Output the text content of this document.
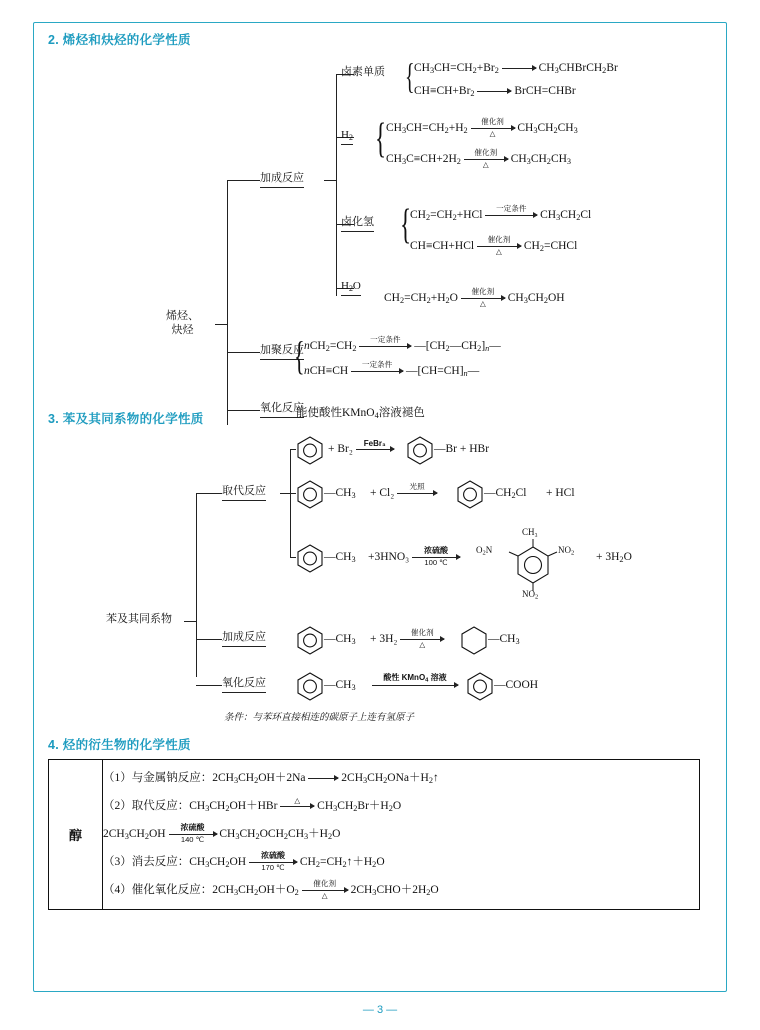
2. 烯烃和炔烃的化学性质
烯烃、
炔烃
加成反应
加聚反应
氧化反应
卤素单质
$H_2$
卤化氢
$H_2O$
{
{
{
{
$CH_3CH=CH_2+Br_2$	$CH_3CHBrCH_2Br$
$CH\equiv CH+Br_2$	BrCH=CHBr
$CH_3CH=CH_2+H_2$
催化剂
△	$CH_3CH_2CH_3$
$CH_3C\equiv CH+2H_2$
催化剂
△	$CH_3CH_2CH_3$
$CH_2=CH_2+HCl$
一定条件
$CH_3CH_2Cl$
CH≡CH+HCl
催化剂
△	$CH_2=CHCl$
$CH_2=CH_2+H_2O$
催化剂
△	$CH_3CH_2OH$
$nCH_2=CH_2$
一定条件
$―[CH_2―CH_2]_n―$
nCH≡CH
一定条件
$―[CH=CH]_n―$
能使酸性KMnO$_4$溶液褪色
3. 苯及其同系物的化学性质
苯及其同系物
取代反应
加成反应
氧化反应
+ Br₂	FeBr₃	―Br + HBr
$―CH_3 + Cl_2$
光照
$―CH_2Cl$ + HCl
$―CH_3 +3HNO_3$
浓硫酸
100 ℃
CH₃
$O_2N$	$NO_2$
$NO_2$
+ $3H_2O$
$―CH_3 + 3H_2$
催化剂
△	$―CH_3$
$―CH_3$
酸性 KMnO$_4$ 溶液
―COOH
条件：与苯环直接相连的碳原子上连有氢原子
4. 烃的衍生物的化学性质
醇	
（1）与金属钠反应：$2CH_3CH_2OH+2Na$	$2CH_3CH_2ONa+H_2↑$
（2）取代反应：$CH_3CH_2OH+HBr$	△	$CH_3CH_2Br+H_2O$
$2CH_3CH_2OH$
浓硫酸
140 ℃	$CH_3CH_2OCH_2CH_3+H_2O$
（3）消去反应：$CH_3CH_2OH$
浓硫酸
170 ℃	$CH_2=CH_2↑+H_2O$
（4）催化氧化反应：$2CH_3CH_2OH+O_2$
催化剂
△	$2CH_3CHO+2H_2O$
— 3 —
